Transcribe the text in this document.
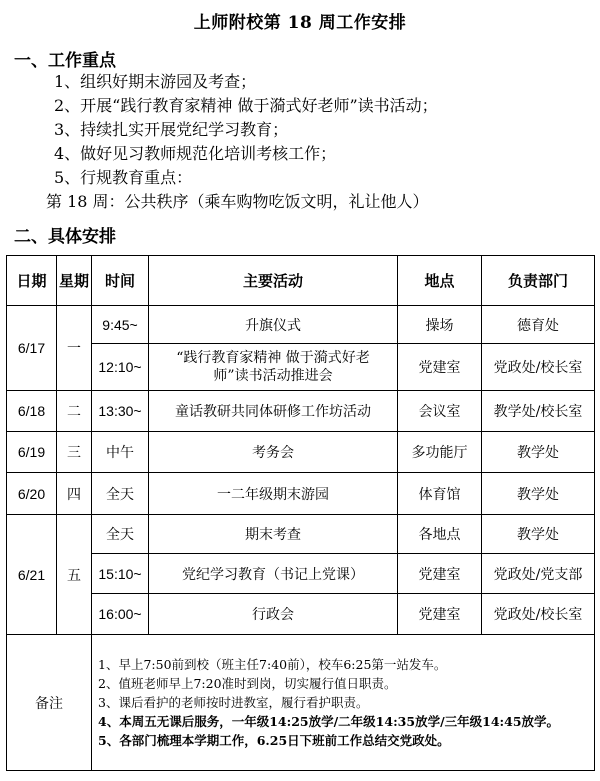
上师附校第 18 周工作安排
一、工作重点
1、组织好期末游园及考查；
2、开展“践行教育家精神 做于漪式好老师”读书活动；
3、持续扎实开展党纪学习教育；
4、做好见习教师规范化培训考核工作；
5、行规教育重点：
第 18 周：公共秩序（乘车购物吃饭文明，礼让他人）
二、具体安排
日期	星期	时间	主要活动	地点	负责部门
6/17	一	9:45~	升旗仪式	操场	德育处
		12:10~	“践行教育家精神 做于漪式好老师”读书活动推进会	党建室	党政处/校长室
6/18	二	13:30~	童话教研共同体研修工作坊活动	会议室	教学处/校长室
6/19	三	中午	考务会	多功能厅	教学处
6/20	四	全天	一二年级期末游园	体育馆	教学处
6/21	五	全天	期末考查	各地点	教学处
		15:10~	党纪学习教育（书记上党课）	党建室	党政处/党支部
		16:00~	行政会	党建室	党政处/校长室
备注		1、早上7:50前到校（班主任7:40前），校车6:25第一站发车。
2、值班老师早上7:20准时到岗，切实履行值日职责。
3、课后看护的老师按时进教室，履行看护职责。
4、本周五无课后服务，一年级14:25放学/二年级14:35放学/三年级14:45放学。
5、各部门梳理本学期工作，6.25日下班前工作总结交党政处。			
